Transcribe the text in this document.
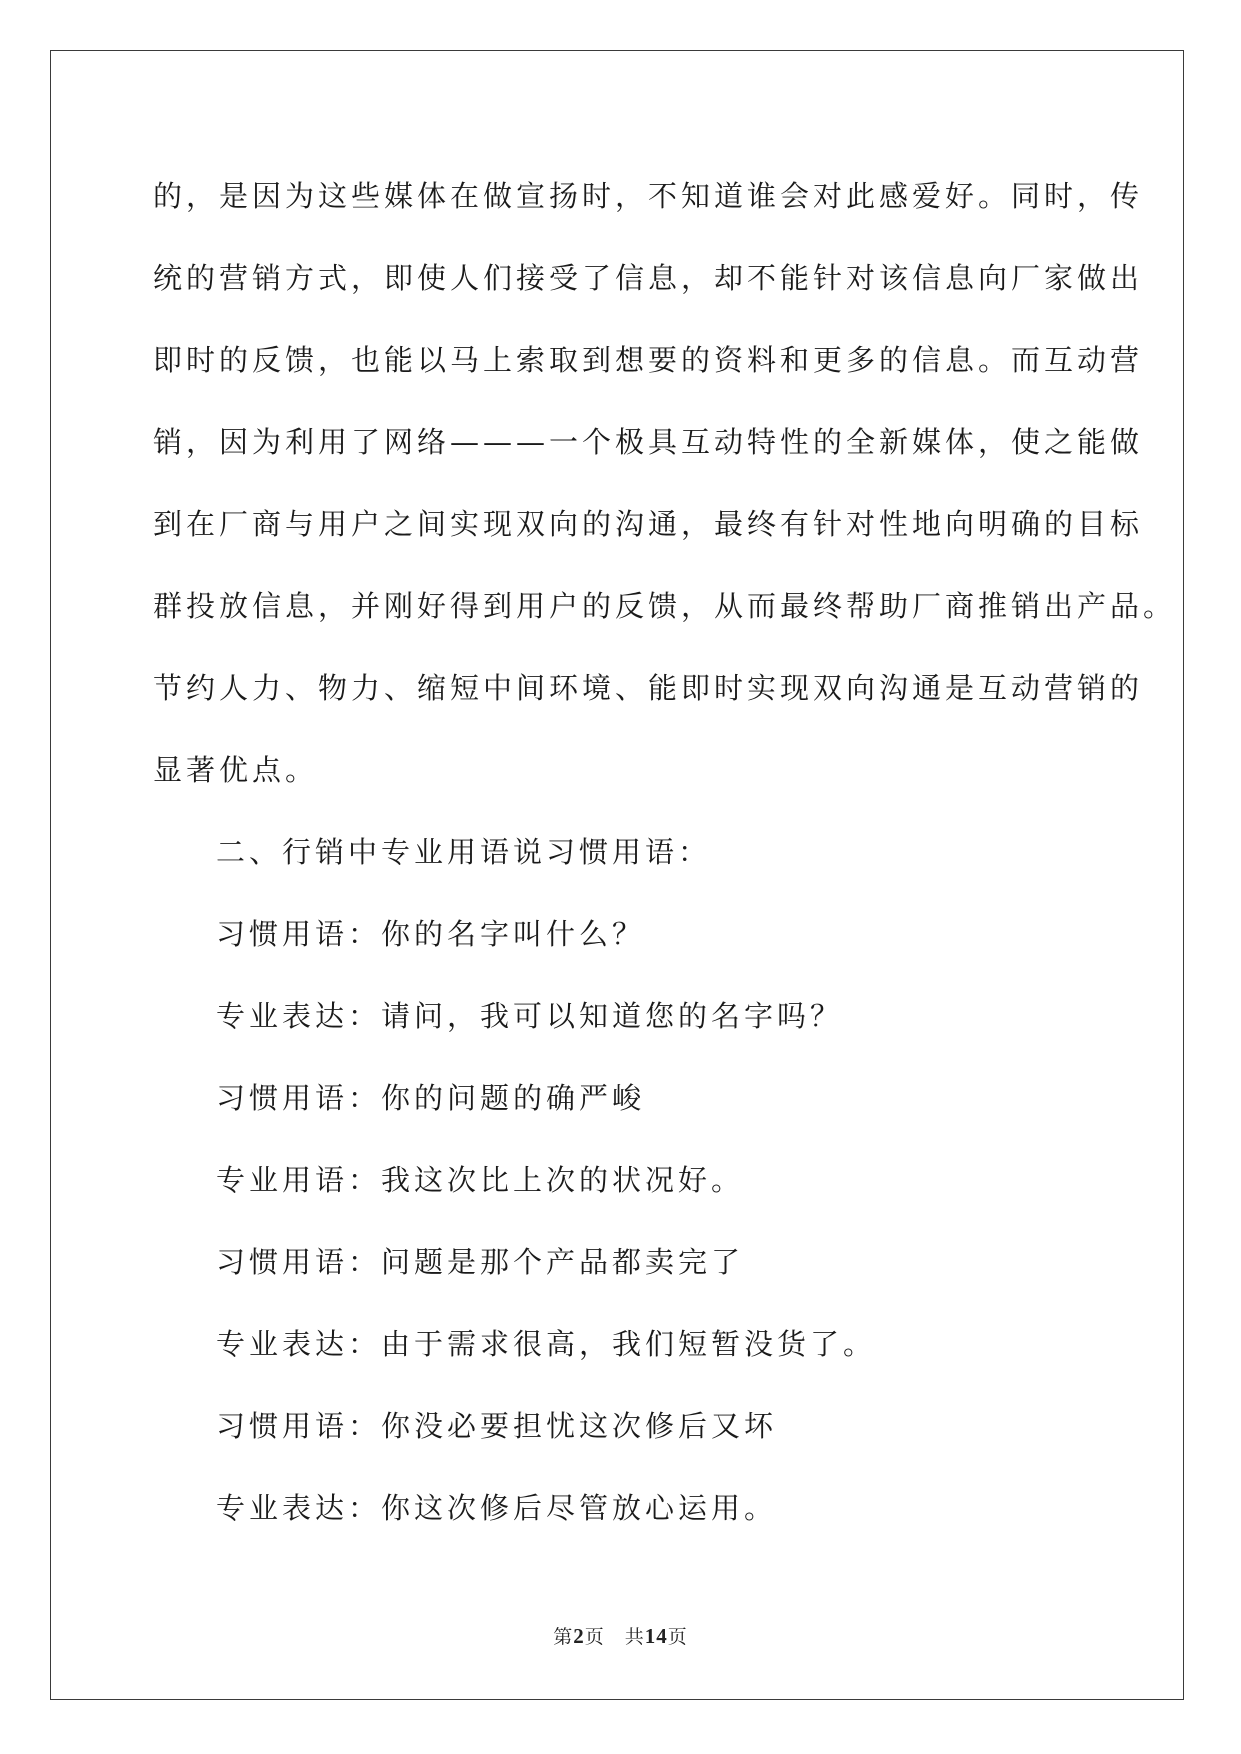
的，是因为这些媒体在做宣扬时，不知道谁会对此感爱好。同时，传
统的营销方式，即使人们接受了信息，却不能针对该信息向厂家做出
即时的反馈，也能以马上索取到想要的资料和更多的信息。而互动营
销，因为利用了网络———一个极具互动特性的全新媒体，使之能做
到在厂商与用户之间实现双向的沟通，最终有针对性地向明确的目标
群投放信息，并刚好得到用户的反馈，从而最终帮助厂商推销出产品。
节约人力、物力、缩短中间环境、能即时实现双向沟通是互动营销的
显著优点。
二、行销中专业用语说习惯用语：
习惯用语：你的名字叫什么？
专业表达：请问，我可以知道您的名字吗？
习惯用语：你的问题的确严峻
专业用语：我这次比上次的状况好。
习惯用语：问题是那个产品都卖完了
专业表达：由于需求很高，我们短暂没货了。
习惯用语：你没必要担忧这次修后又坏
专业表达：你这次修后尽管放心运用。
第2页 共14页
